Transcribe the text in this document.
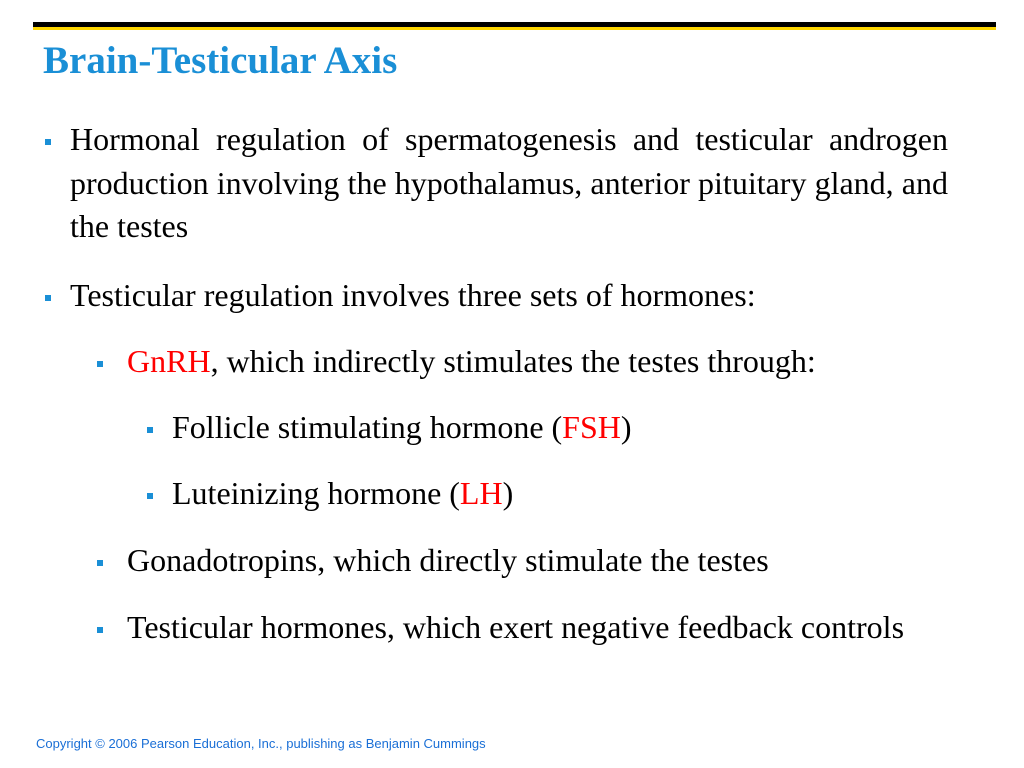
Brain-Testicular Axis
Hormonal regulation of spermatogenesis and testicular androgen production involving the hypothalamus, anterior pituitary gland, and the testes
Testicular regulation involves three sets of hormones:
GnRH, which indirectly stimulates the testes through:
Follicle stimulating hormone (FSH)
Luteinizing hormone (LH)
Gonadotropins, which directly stimulate the testes
Testicular hormones, which exert negative feedback controls
Copyright © 2006 Pearson Education, Inc., publishing as Benjamin Cummings
